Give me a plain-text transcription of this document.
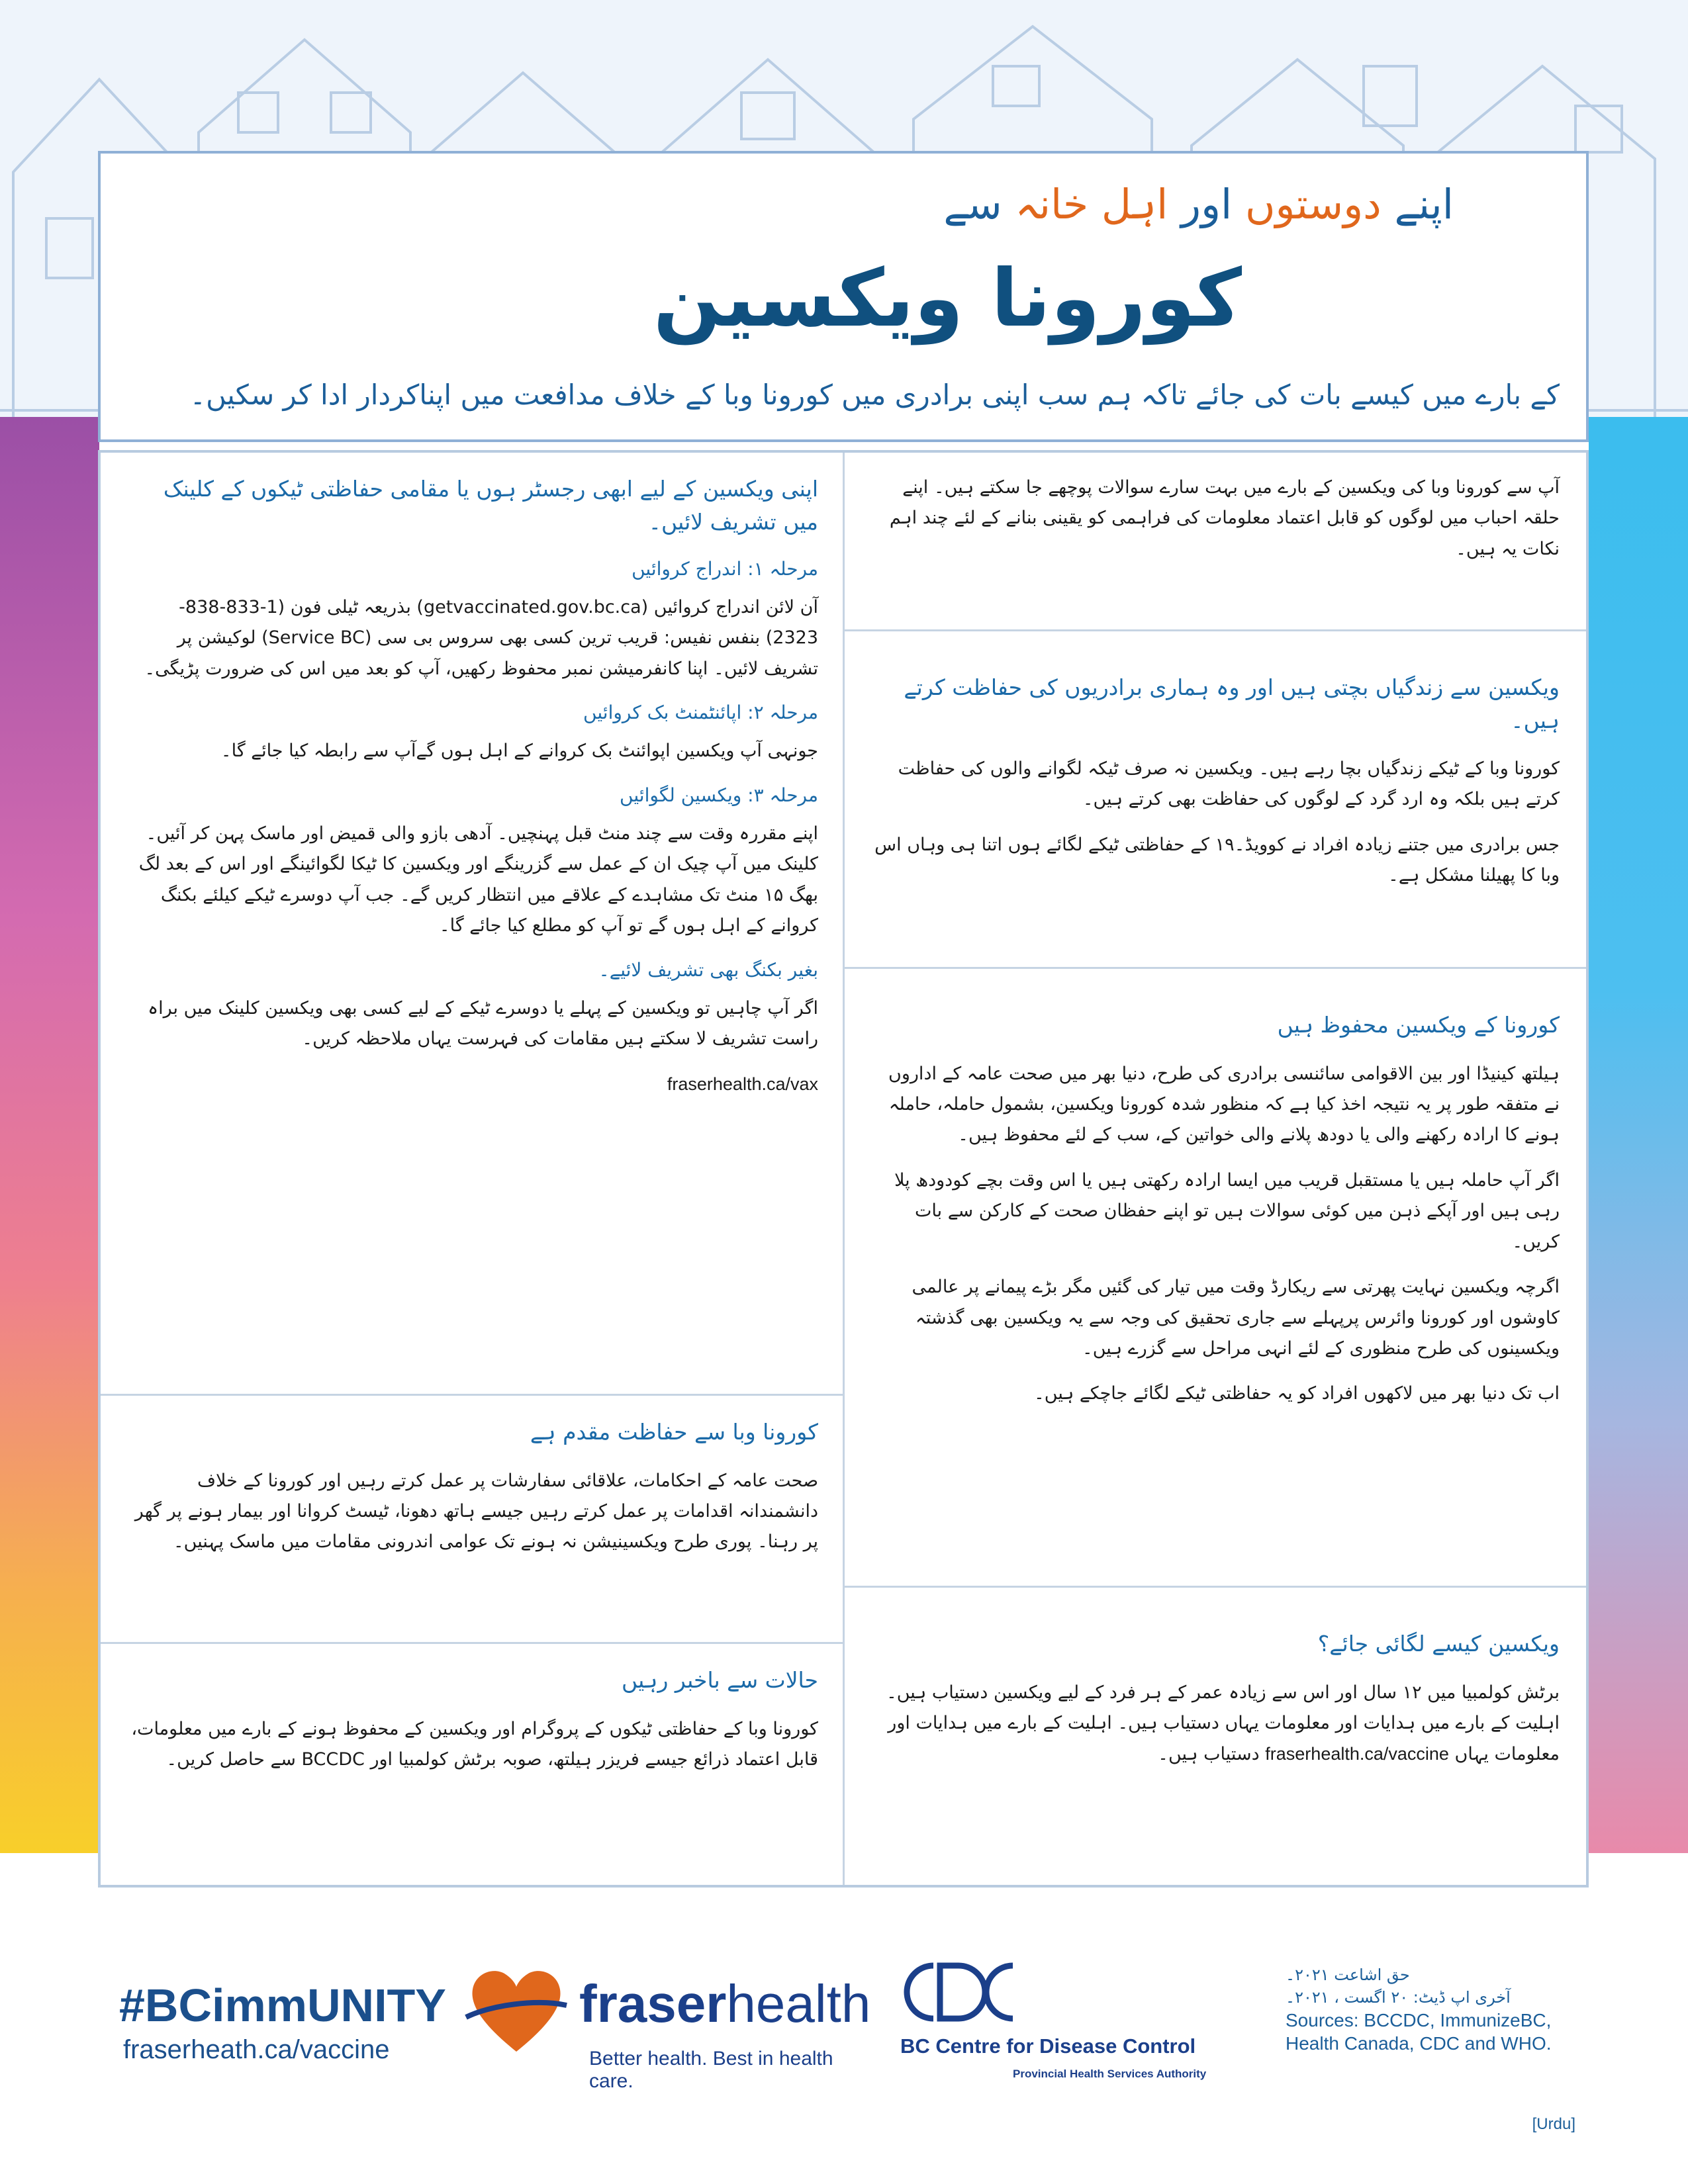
اپنے دوستوں اور اہل خانہ سے
کورونا ویکسین
کے بارے میں کیسے بات کی جائے تاکہ ہم سب اپنی برادری میں کورونا وبا کے خلاف مدافعت میں اپناکردار ادا کر سکیں۔

آپ سے کورونا وبا کی ویکسین کے بارے میں بہت سارے سوالات پوچھے جا سکتے ہیں۔ اپنے حلقہ احباب میں لوگوں کو قابل اعتماد معلومات کی فراہمی کو یقینی بنانے کے لئے چند اہم نکات یہ ہیں۔

ویکسین سے زندگیاں بچتی ہیں اور وہ ہماری برادریوں کی حفاظت کرتے ہیں۔

کورونا وبا کے ٹیکے زندگیاں بچا رہے ہیں۔ ویکسین نہ صرف ٹیکہ لگوانے والوں کی حفاظت کرتے ہیں بلکہ وہ ارد گرد کے لوگوں کی حفاظت بھی کرتے ہیں۔

جس برادری میں جتنے زیادہ افراد نے کوویڈ۔۱۹ کے حفاظتی ٹیکے لگائے ہوں اتنا ہی وہاں اس وبا کا پھیلنا مشکل ہے۔

کورونا کے ویکسین محفوظ ہیں

ہیلتھ کینیڈا اور بین الاقوامی سائنسی برادری کی طرح، دنیا بھر میں صحت عامہ کے اداروں نے متفقہ طور پر یہ نتیجہ اخذ کیا ہے کہ منظور شدہ کورونا ویکسین، بشمول حاملہ، حاملہ ہونے کا ارادہ رکھنے والی یا دودھ پلانے والی خواتین کے، سب کے لئے محفوظ ہیں۔

اگر آپ حاملہ ہیں یا مستقبل قریب میں ایسا ارادہ رکھتی ہیں یا اس وقت بچے کودودھ پلا رہی ہیں اور آپکے ذہن میں کوئی سوالات ہیں تو اپنے حفظان صحت کے کارکن سے بات کریں۔

اگرچہ ویکسین نہایت پھرتی سے ریکارڈ وقت میں تیار کی گئیں مگر بڑے پیمانے پر عالمی کاوشوں اور کورونا وائرس پرپہلے سے جاری تحقیق کی وجہ سے یہ ویکسین بھی گذشتہ ویکسینوں کی طرح منظوری کے لئے انہی مراحل سے گزرے ہیں۔

اب تک دنیا بھر میں لاکھوں افراد کو یہ حفاظتی ٹیکے لگائے جاچکے ہیں۔

ویکسین کیسے لگائی جائے؟

برٹش کولمبیا میں ۱۲ سال اور اس سے زیادہ عمر کے ہر فرد کے لیے ویکسین دستیاب ہیں۔ اہلیت کے بارے میں ہدایات اور معلومات یہاں دستیاب ہیں۔ اہلیت کے بارے میں ہدایات اور معلومات یہاں fraserhealth.ca/vaccine دستیاب ہیں۔

اپنی ویکسین کے لیے ابھی رجسٹر ہوں یا مقامی حفاظتی ٹیکوں کے کلینک میں تشریف لائیں۔
مرحلہ ۱: اندراج کروائیں

آن لائن اندراج کروائیں (getvaccinated.gov.bc.ca) بذریعہ ٹیلی فون (1-833-838-2323) بنفس نفیس: قریب ترین کسی بھی سروس بی سی (Service BC) لوکیشن پر تشریف لائیں۔ اپنا کانفرمیشن نمبر محفوظ رکھیں، آپ کو بعد میں اس کی ضرورت پڑیگی۔

مرحلہ ۲: اپائنٹمنٹ بک کروائیں

جونہی آپ ویکسین اپوائنٹ بک کروانے کے اہل ہوں گےآپ سے رابطہ کیا جائے گا۔

مرحلہ ۳: ویکسین لگوائیں

اپنے مقررہ وقت سے چند منٹ قبل پہنچیں۔ آدھی بازو والی قمیض اور ماسک پہن کر آئیں۔ کلینک میں آپ چیک ان کے عمل سے گزرینگے اور ویکسین کا ٹیکا لگوائینگے اور اس کے بعد لگ بھگ ۱۵ منٹ تک مشاہدے کے علاقے میں انتظار کریں گے۔ جب آپ دوسرے ٹیکے کیلئے بکنگ کروانے کے اہل ہوں گے تو آپ کو مطلع کیا جائے گا۔

بغیر بکنگ بھی تشریف لائیے۔

اگر آپ چاہیں تو ویکسین کے پہلے یا دوسرے ٹیکے کے لیے کسی بھی ویکسین کلینک میں براہ راست تشریف لا سکتے ہیں مقامات کی فہرست یہاں ملاحظہ کریں۔

fraserhealth.ca/vax

کورونا وبا سے حفاظت مقدم ہے

صحت عامہ کے احکامات، علاقائی سفارشات پر عمل کرتے رہیں اور کورونا کے خلاف دانشمندانہ اقدامات پر عمل کرتے رہیں جیسے ہاتھ دھونا، ٹیسٹ کروانا اور بیمار ہونے پر گھر پر رہنا۔ پوری طرح ویکسینیشن نہ ہونے تک عوامی اندرونی مقامات میں ماسک پہنیں۔

حالات سے باخبر رہیں

کورونا وبا کے حفاظتی ٹیکوں کے پروگرام اور ویکسین کے محفوظ ہونے کے بارے میں معلومات، قابل اعتماد ذرائع جیسے فریزر ہیلتھ، صوبہ برٹش کولمبیا اور BCCDC سے حاصل کریں۔

#BCimmUNITY
fraserheath.ca/vaccine
fraserhealth
Better health. Best in health care.
BC Centre for Disease Control
Provincial Health Services Authority
حق اشاعت ۲۰۲۱۔
آخری اپ ڈیٹ: ۲۰ اگست ، ۲۰۲۱۔
Sources: BCCDC, ImmunizeBC, Health Canada, CDC and WHO.
[Urdu]
